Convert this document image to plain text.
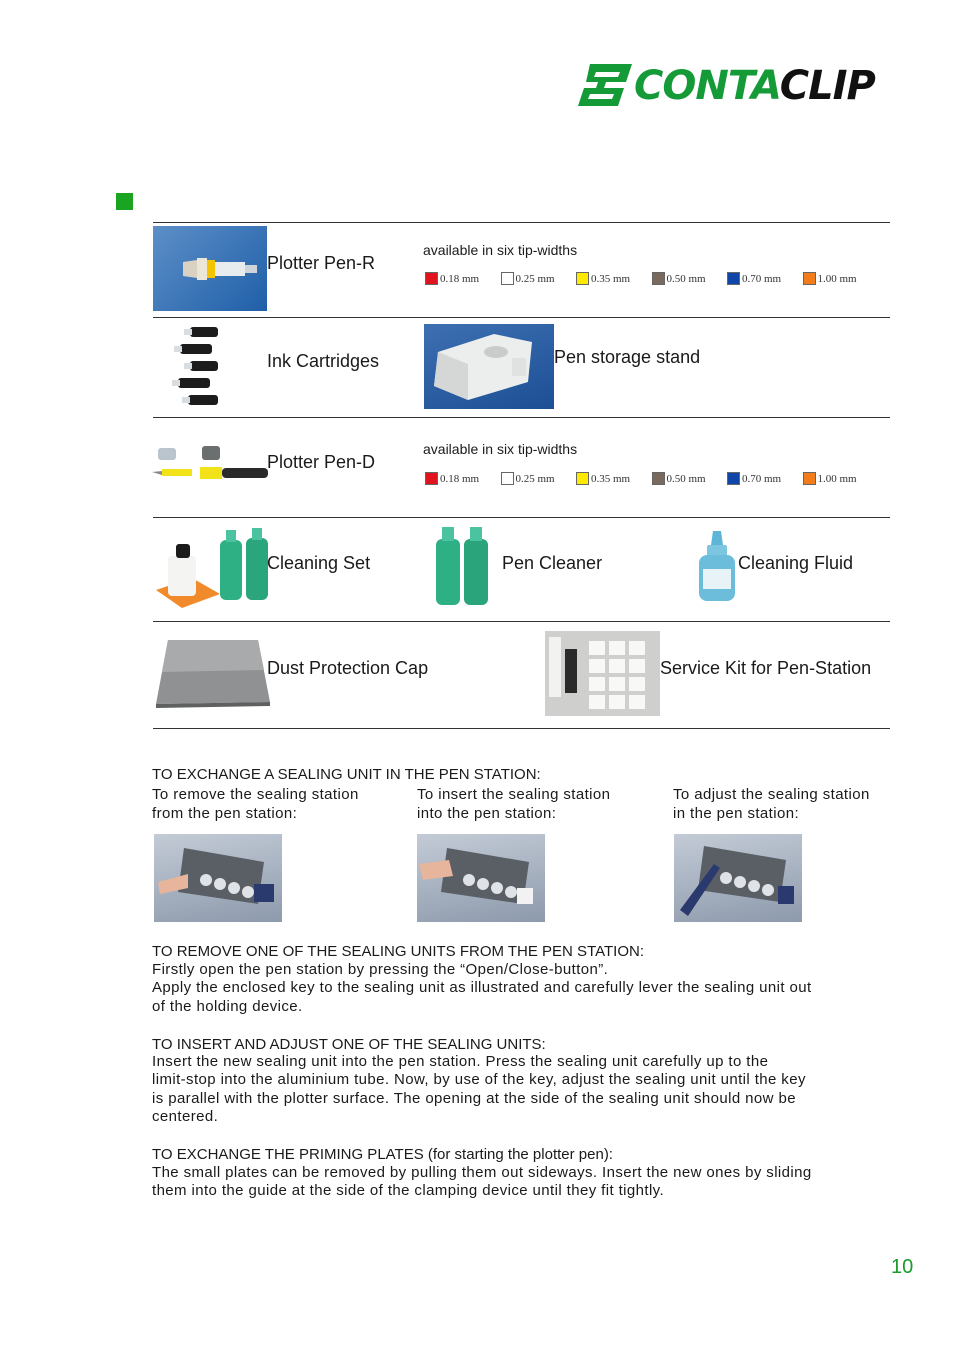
CONTACLIP
Plotter Pen-R
available in six tip-widths
0.18 mm	0.25 mm	0.35 mm	0.50 mm	0.70 mm	1.00 mm
Ink Cartridges	Pen storage stand
Plotter Pen-D
available in six tip-widths
0.18 mm	0.25 mm	0.35 mm	0.50 mm	0.70 mm	1.00 mm
Cleaning Set	Pen Cleaner	Cleaning Fluid
Dust Protection Cap	Service Kit for Pen-Station
TO EXCHANGE A SEALING UNIT IN THE PEN STATION:
To remove the sealing station
from the pen station:
To insert the sealing station
into the pen station:
To adjust the sealing station
in the pen station:
TO REMOVE ONE OF THE SEALING UNITS FROM THE PEN STATION:
Firstly open the pen station by pressing the “Open/Close-button”.
Apply the enclosed key to the sealing unit as illustrated and carefully lever the sealing unit out
of the holding device.
TO INSERT AND ADJUST ONE OF THE SEALING UNITS:
Insert the new sealing unit into the pen station. Press the sealing unit carefully up to the
limit-stop into the aluminium tube. Now, by use of the key, adjust the sealing unit until the key
is parallel with the plotter surface. The opening at the side of the sealing unit should now be
centered.
TO EXCHANGE THE PRIMING PLATES (for starting the plotter pen):
The small plates can be removed by pulling them out sideways. Insert the new ones by sliding
them into the guide at the side of the clamping device until they fit tightly.
10
